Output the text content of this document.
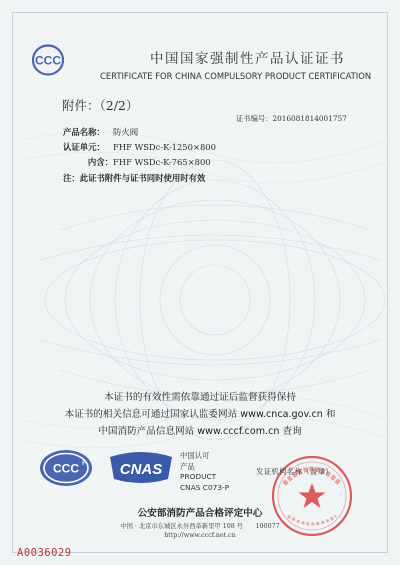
CCC	中国国家强制性产品认证证书
CERTIFICATE FOR CHINA COMPULSORY PRODUCT CERTIFICATION
附件：（2/2）
证书编号：2016081814001757
产品名称： 防火阀
认证单元： FHF WSDc-K-1250×800
内含：FHF WSDc-K-765×800
注：此证书附件与证书同时使用时有效
本证书的有效性需依靠通过证后监督获得保持
本证书的相关信息可通过国家认监委网站 www.cnca.gov.cn 和
中国消防产品信息网站 www.cccf.com.cn 查询
CCC F CNAS
中国认可
产品
PRODUCT
CNAS C073-P
发证机构名称（盖章）
公安部消防产品合格评定中心
中国 · 北京市东城区永外西革新里甲 108 号　　100077
http://www.cccf.net.cn
A0036029
